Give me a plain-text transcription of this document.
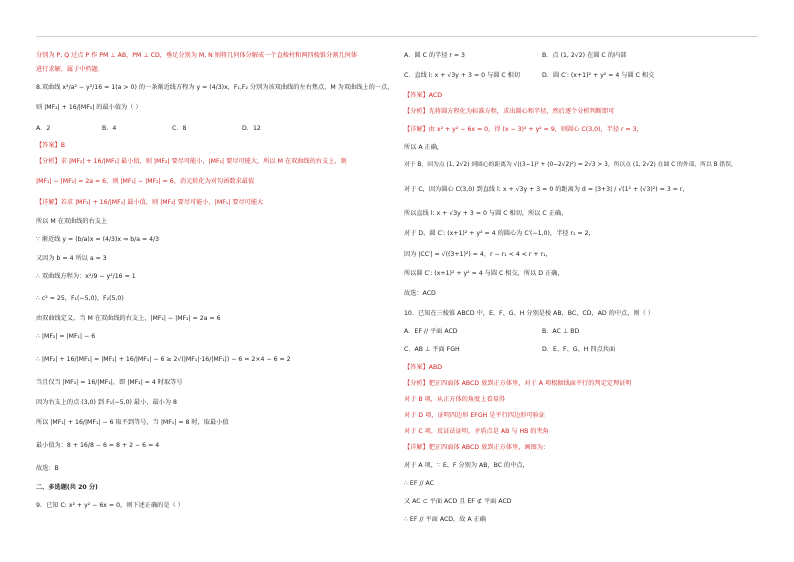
分别为 P, Q 过点 P 作 PM ⊥ AB，PM ⊥ CD，垂足分别为 M, N 则将几何体分解成一个直棱柱和两四棱锥分割几何体
进行求解，属于中档题.
8.双曲线 x²/a² − y²/16 = 1(a > 0) 的一条渐近线方程为 y = (4/3)x，F₁,F₂ 分别为该双曲线的左右焦点，M 为双曲线上的一点，
则 |MF₂| + 16/|MF₁| 的最小值为（ ）
A．2	B．4	C．8	D．12
【答案】B
【分析】求 |MF₂| + 16/|MF₁| 最小值，则 |MF₂| 要尽可能小，|MF₁| 要尽可能大，所以 M 在双曲线的右支上，则
|MF₁| − |MF₂| = 2a = 6，则 |MF₁| − |MF₂| = 6，消元转化为对勾函数求最值
【详解】若求 |MF₂| + 16/|MF₁| 最小值，则 |MF₂| 要尽可能小，|MF₁| 要尽可能大
所以 M 在双曲线的右支上
∵ 渐近线 y = (b/a)x = (4/3)x ⇒ b/a = 4/3
又因为 b = 4 所以 a = 3
∴ 双曲线方程为：x²/9 − y²/16 = 1
∴ c² = 25，F₁(−5,0)，F₂(5,0)
由双曲线定义，当 M 在双曲线的右支上，|MF₁| − |MF₂| = 2a = 6
∴ |MF₂| = |MF₁| − 6
∴ |MF₂| + 16/|MF₁| = |MF₁| + 16/|MF₁| − 6 ≥ 2√(|MF₁|·16/|MF₁|) − 6 = 2×4 − 6 = 2
当且仅当 |MF₁| = 16/|MF₁|，即 |MF₁| = 4 时取等号
因为右支上的点 (3,0) 到 F₁(−5,0) 最小，最小为 8
所以 |MF₁| + 16/|MF₁| − 6 取不到等号，当 |MF₁| = 8 时，取最小值
最小值为：8 + 16/8 − 6 = 8 + 2 − 6 = 4
故选：B
二、多选题(共 20 分)
9．已知 C: x² + y² − 6x = 0，则下述正确的是（ ）
A．圆 C 的半径 r = 3	B．点 (1, 2√2) 在圆 C 的内部
C．直线 l: x + √3y + 3 = 0 与圆 C 相切	D．圆 C′: (x+1)² + y² = 4 与圆 C 相交
【答案】ACD
【分析】先将圆方程化为标准方程，求出圆心和半径，然后逐个分析判断即可
【详解】由 x² + y² − 6x = 0，得 (x − 3)² + y² = 9，则圆心 C(3,0)，半径 r = 3，
所以 A 正确，
对于 B，因为点 (1, 2√2) 到圆心的距离为 √((3−1)² + (0−2√2)²) = 2√3 > 3，所以点 (1, 2√2) 在圆 C 的外部，所以 B 错误，
对于 C，因为圆心 C(3,0) 到直线 l: x + √3y + 3 = 0 的距离为 d = |3+3| / √(1² + (√3)²) = 3 = r，
所以直线 l: x + √3y + 3 = 0 与圆 C 相切，所以 C 正确，
对于 D，圆 C′: (x+1)² + y² = 4 的圆心为 C′(−1,0)，半径 r₁ = 2，
因为 |CC′| = √((3+1)²) = 4，r − r₁ < 4 < r + r₁，
所以圆 C′: (x+1)² + y² = 4 与圆 C 相交，所以 D 正确，
故选：ACD
10．已知在三棱锥 ABCD 中，E、F、G、H 分别是棱 AB，BC，CD，AD 的中点，则（ ）
A．EF // 平面 ACD	B．AC ⊥ BD
C．AB ⊥ 平面 FGH	D．E、F、G、H 四点共面
【答案】ABD
【分析】把正四面体 ABCD 放到正方体里，对于 A 项根据线面平行的判定定理证明
对于 B 项，从正方体的角度上看易得
对于 D 项，证明四边形 EFGH 是平行四边形可验证
对于 C 项，反证法证明，矛盾点是 AB 与 HB 的夹角
【详解】把正四面体 ABCD 放到正方体里，画图为：
对于 A 项，∵ E、F 分别为 AB，BC 的中点，
∴ EF // AC
又 AC ⊂ 平面 ACD 且 EF ⊄ 平面 ACD
∴ EF // 平面 ACD，故 A 正确
